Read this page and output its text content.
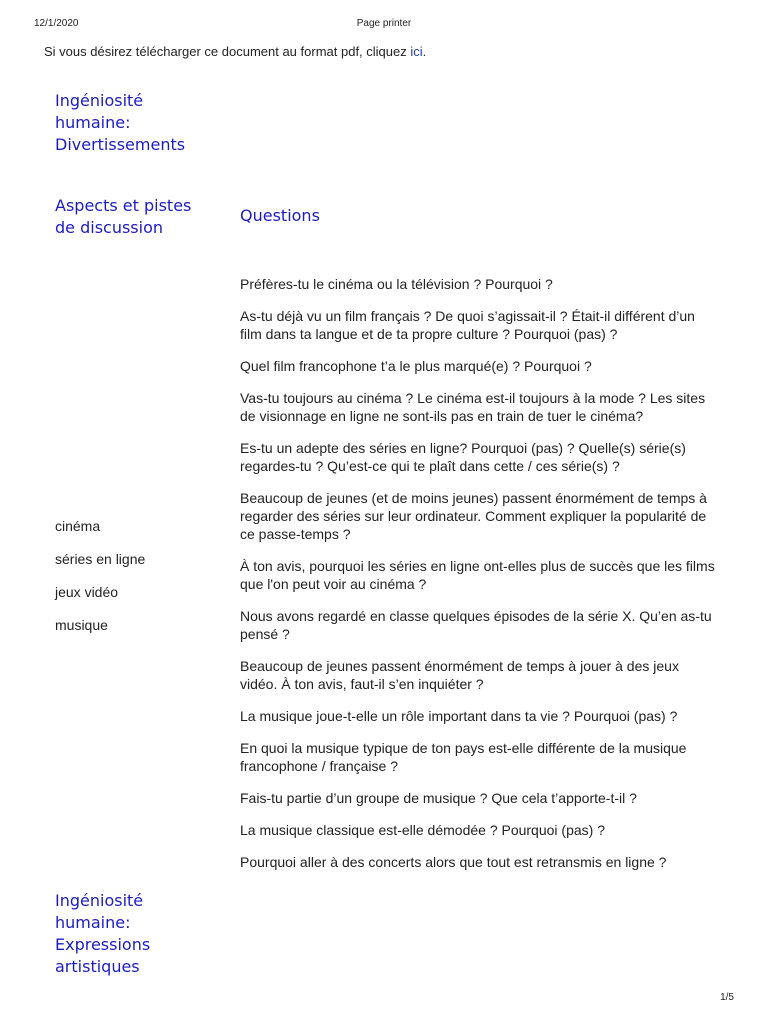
12/1/2020	Page printer
Si vous désirez télécharger ce document au format pdf, cliquez ici.
Ingéniosité
humaine:
Divertissements
Aspects et pistes
de discussion
Questions
cinéma
séries en ligne
jeux vidéo
musique
Préfères-tu le cinéma ou la télévision ? Pourquoi ?
As-tu déjà vu un film français ? De quoi s’agissait-il ? Était-il différent d’un film dans ta langue et de ta propre culture ? Pourquoi (pas) ?
Quel film francophone t’a le plus marqué(e) ? Pourquoi ?
Vas-tu toujours au cinéma ? Le cinéma est-il toujours à la mode ? Les sites de visionnage en ligne ne sont-ils pas en train de tuer le cinéma?
Es-tu un adepte des séries en ligne? Pourquoi (pas) ? Quelle(s) série(s) regardes-tu ? Qu’est-ce qui te plaît dans cette / ces série(s) ?
Beaucoup de jeunes (et de moins jeunes) passent énormément de temps à regarder des séries sur leur ordinateur. Comment expliquer la popularité de ce passe-temps ?
À ton avis, pourquoi les séries en ligne ont-elles plus de succès que les films que l'on peut voir au cinéma ?
Nous avons regardé en classe quelques épisodes de la série X. Qu’en as-tu pensé ?
Beaucoup de jeunes passent énormément de temps à jouer à des jeux vidéo. À ton avis, faut-il s’en inquiéter ?
La musique joue-t-elle un rôle important dans ta vie ? Pourquoi (pas) ?
En quoi la musique typique de ton pays est-elle différente de la musique francophone / française ?
Fais-tu partie d’un groupe de musique ? Que cela t’apporte-t-il ?
La musique classique est-elle démodée ? Pourquoi (pas) ?
Pourquoi aller à des concerts alors que tout est retransmis en ligne ?
Ingéniosité
humaine:
Expressions
artistiques
1/5
